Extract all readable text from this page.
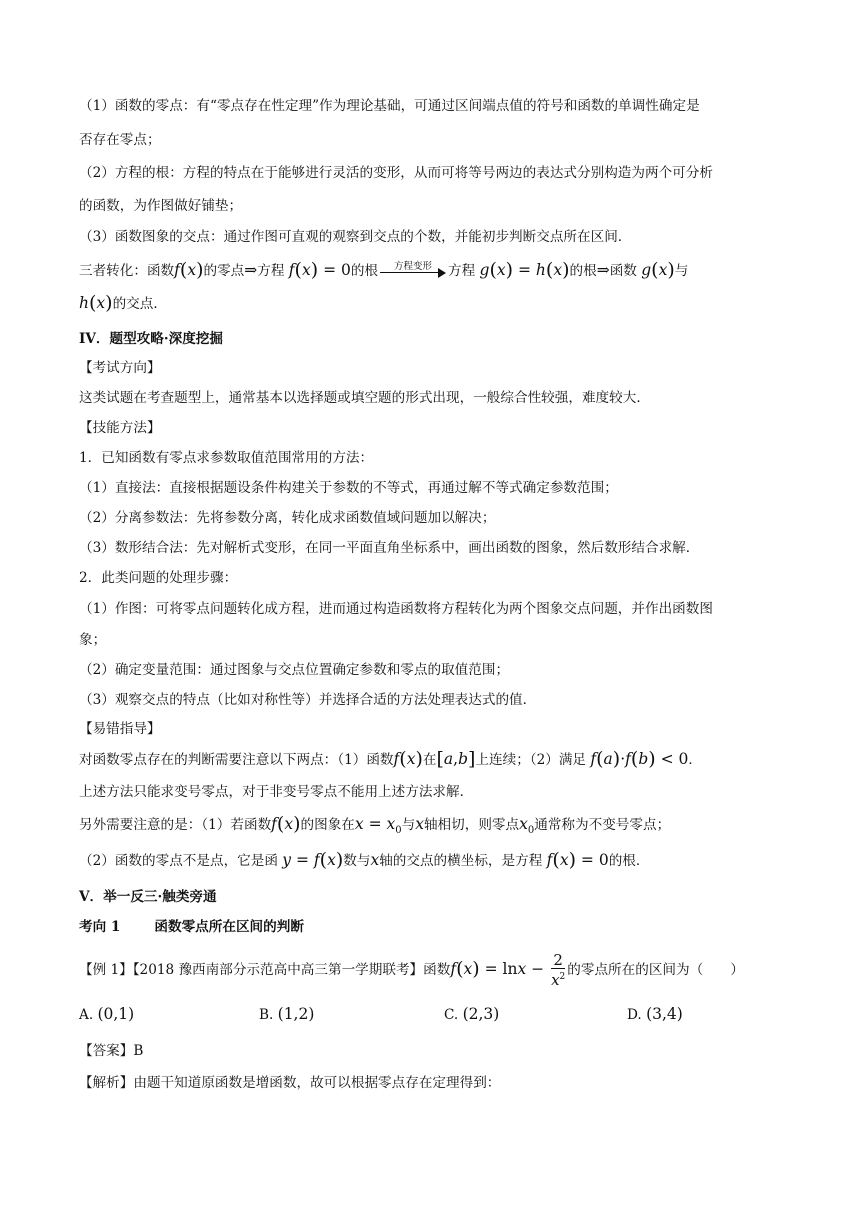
（1）函数的零点：有“零点存在性定理”作为理论基础，可通过区间端点值的符号和函数的单调性确定是
否存在零点；
（2）方程的根：方程的特点在于能够进行灵活的变形，从而可将等号两边的表达式分别构造为两个可分析
的函数，为作图做好铺垫；
（3）函数图象的交点：通过作图可直观的观察到交点的个数，并能初步判断交点所在区间．
三者转化：函数f(x)的零点⇒方程 f(x) = 0的根	方程变形	方程 g(x) = h(x)的根⇒函数 g(x)与
h(x)的交点．
IV．题型攻略·深度挖掘
【考试方向】
这类试题在考查题型上，通常基本以选择题或填空题的形式出现，一般综合性较强，难度较大．
【技能方法】
1．已知函数有零点求参数取值范围常用的方法：
（1）直接法：直接根据题设条件构建关于参数的不等式，再通过解不等式确定参数范围；
（2）分离参数法：先将参数分离，转化成求函数值域问题加以解决；
（3）数形结合法：先对解析式变形，在同一平面直角坐标系中，画出函数的图象，然后数形结合求解．
2．此类问题的处理步骤：
（1）作图：可将零点问题转化成方程，进而通过构造函数将方程转化为两个图象交点问题，并作出函数图
象；
（2）确定变量范围：通过图象与交点位置确定参数和零点的取值范围；
（3）观察交点的特点（比如对称性等）并选择合适的方法处理表达式的值．
【易错指导】
对函数零点存在的判断需要注意以下两点：（1）函数f(x)在[a,b]上连续；（2）满足 f(a)·f(b) < 0．
上述方法只能求变号零点，对于非变号零点不能用上述方法求解．
另外需要注意的是：（1）若函数f(x)的图象在$x = x_0$与x轴相切，则零点$x_0$通常称为不变号零点；
（2）函数的零点不是点，它是函 y = f(x)数与x轴的交点的横坐标，是方程 f(x) = 0的根．
V．举一反三·触类旁通
考向 1	函数零点所在区间的判断
【例 1】【2018 豫西南部分示范高中高三第一学期联考】函数$f(x) = \ln x - \frac{2}{x^2}$ 的零点所在的区间为（　　）
A. (0,1)	B. (1,2)	C. (2,3)	D. (3,4)
【答案】B
【解析】由题干知道原函数是增函数，故可以根据零点存在定理得到：
